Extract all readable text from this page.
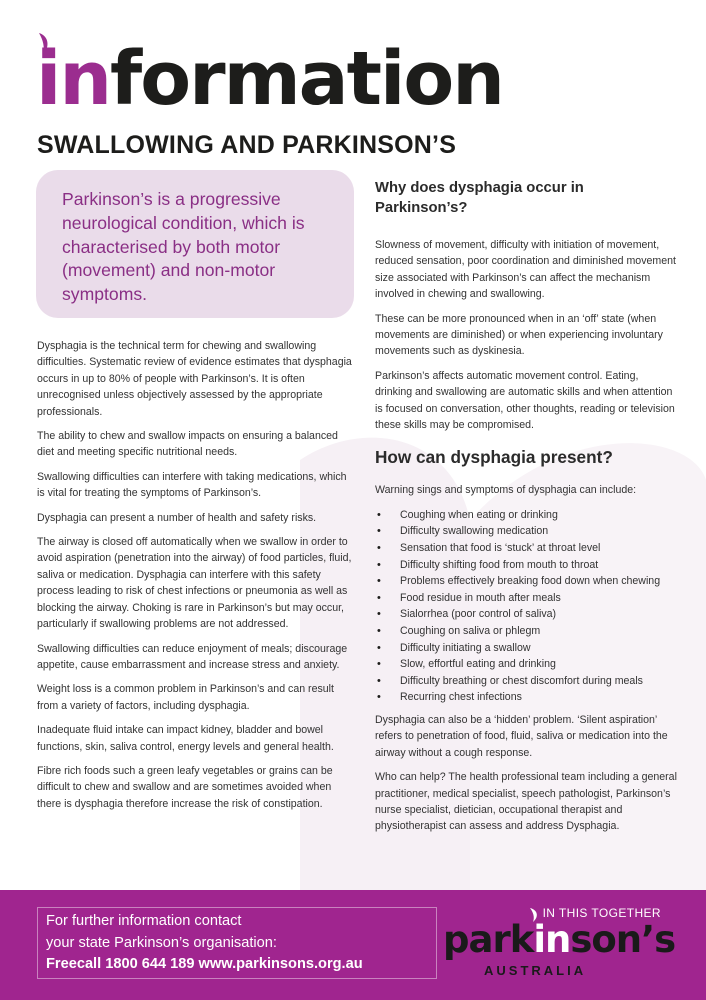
information
SWALLOWING AND PARKINSON’S

Parkinson’s is a progressive neurological condition, which is characterised by both motor (movement) and non-motor symptoms.

Dysphagia is the technical term for chewing and swallowing difficulties. Systematic review of evidence estimates that dysphagia occurs in up to 80% of people with Parkinson’s. It is often unrecognised unless objectively assessed by the appropriate professionals.

The ability to chew and swallow impacts on ensuring a balanced diet and meeting specific nutritional needs.

Swallowing difficulties can interfere with taking medications, which is vital for treating the symptoms of Parkinson’s.

Dysphagia can present a number of health and safety risks.

The airway is closed off automatically when we swallow in order to avoid aspiration (penetration into the airway) of food particles, fluid, saliva or medication. Dysphagia can interfere with this safety process leading to risk of chest infections or pneumonia as well as blocking the airway. Choking is rare in Parkinson’s but may occur, particularly if swallowing problems are not addressed.

Swallowing difficulties can reduce enjoyment of meals; discourage appetite, cause embarrassment and increase stress and anxiety.

Weight loss is a common problem in Parkinson’s and can result from a variety of factors, including dysphagia.

Inadequate fluid intake can impact kidney, bladder and bowel functions, skin, saliva control, energy levels and general health.

Fibre rich foods such a green leafy vegetables or grains can be difficult to chew and swallow and are sometimes avoided when there is dysphagia therefore increase the risk of constipation.

Why does dysphagia occur in Parkinson’s?

Slowness of movement, difficulty with initiation of movement, reduced sensation, poor coordination and diminished movement size associated with Parkinson’s can affect the mechanism involved in chewing and swallowing.

These can be more pronounced when in an ‘off’ state (when movements are diminished) or when experiencing involuntary movements such as dyskinesia.

Parkinson’s affects automatic movement control. Eating, drinking and swallowing are automatic skills and when attention is focused on conversation, other thoughts, reading or television these skills may be compromised.

How can dysphagia present?

Warning sings and symptoms of dysphagia can include:

• Coughing when eating or drinking
• Difficulty swallowing medication
• Sensation that food is ‘stuck’ at throat level
• Difficulty shifting food from mouth to throat
• Problems effectively breaking food down when chewing
• Food residue in mouth after meals
• Sialorrhea (poor control of saliva)
• Coughing on saliva or phlegm
• Difficulty initiating a swallow
• Slow, effortful eating and drinking
• Difficulty breathing or chest discomfort during meals
• Recurring chest infections

Dysphagia can also be a ‘hidden’ problem. ‘Silent aspiration’ refers to penetration of food, fluid, saliva or medication into the airway without a cough response.

Who can help? The health professional team including a general practitioner, medical specialist, speech pathologist, Parkinson’s nurse specialist, dietician, occupational therapist and physiotherapist can assess and address Dysphagia.

For further information contact
your state Parkinson’s organisation:
Freecall 1800 644 189 www.parkinsons.org.au
IN THIS TOGETHER
parkinson’s
AUSTRALIA
